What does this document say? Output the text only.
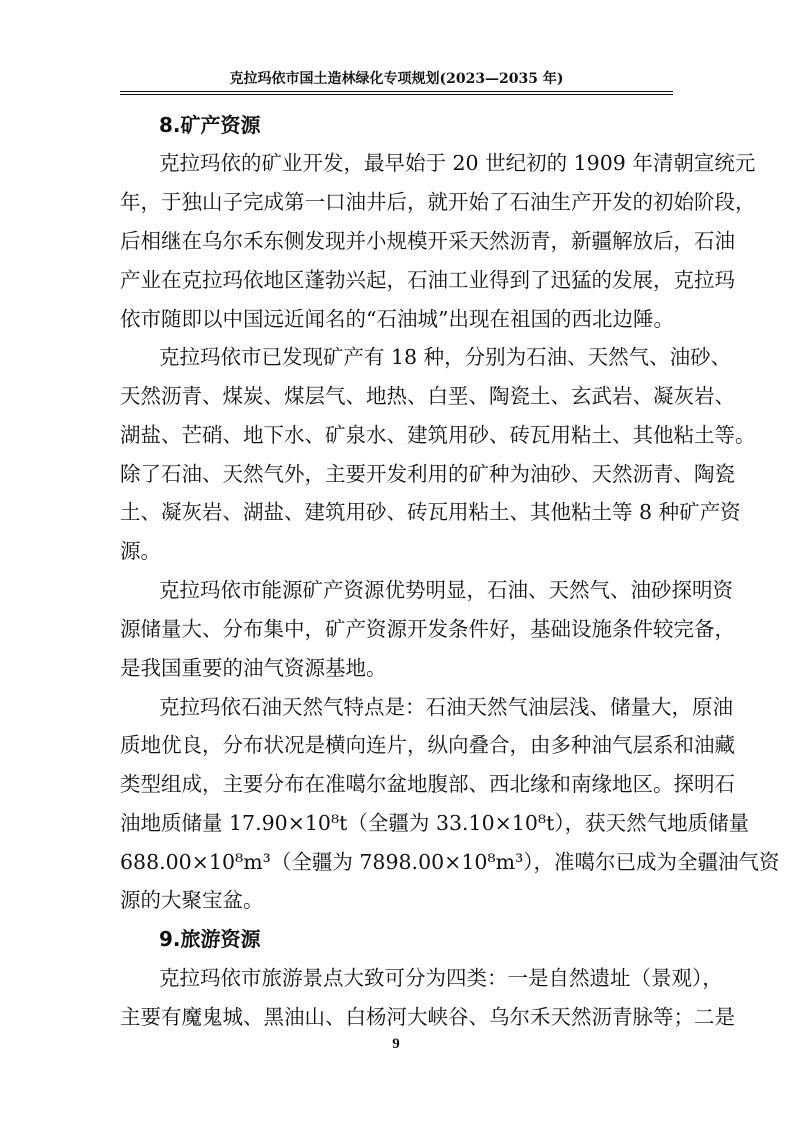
克拉玛依市国土造林绿化专项规划(2023—2035 年)
8.矿产资源
克拉玛依的矿业开发，最早始于 20 世纪初的 1909 年清朝宣统元
年，于独山子完成第一口油井后，就开始了石油生产开发的初始阶段，
后相继在乌尔禾东侧发现并小规模开采天然沥青，新疆解放后，石油
产业在克拉玛依地区蓬勃兴起，石油工业得到了迅猛的发展，克拉玛
依市随即以中国远近闻名的“石油城”出现在祖国的西北边陲。
克拉玛依市已发现矿产有 18 种，分别为石油、天然气、油砂、
天然沥青、煤炭、煤层气、地热、白垩、陶瓷土、玄武岩、凝灰岩、
湖盐、芒硝、地下水、矿泉水、建筑用砂、砖瓦用粘土、其他粘土等。
除了石油、天然气外，主要开发利用的矿种为油砂、天然沥青、陶瓷
土、凝灰岩、湖盐、建筑用砂、砖瓦用粘土、其他粘土等 8 种矿产资
源。
克拉玛依市能源矿产资源优势明显，石油、天然气、油砂探明资
源储量大、分布集中，矿产资源开发条件好，基础设施条件较完备，
是我国重要的油气资源基地。
克拉玛依石油天然气特点是：石油天然气油层浅、储量大，原油
质地优良，分布状况是横向连片，纵向叠合，由多种油气层系和油藏
类型组成，主要分布在准噶尔盆地腹部、西北缘和南缘地区。探明石
油地质储量 17.90×10⁸t（全疆为 33.10×10⁸t），获天然气地质储量
688.00×10⁸m³（全疆为 7898.00×10⁸m³），准噶尔已成为全疆油气资
源的大聚宝盆。
9.旅游资源
克拉玛依市旅游景点大致可分为四类：一是自然遗址（景观），
主要有魔鬼城、黑油山、白杨河大峡谷、乌尔禾天然沥青脉等；二是
9
